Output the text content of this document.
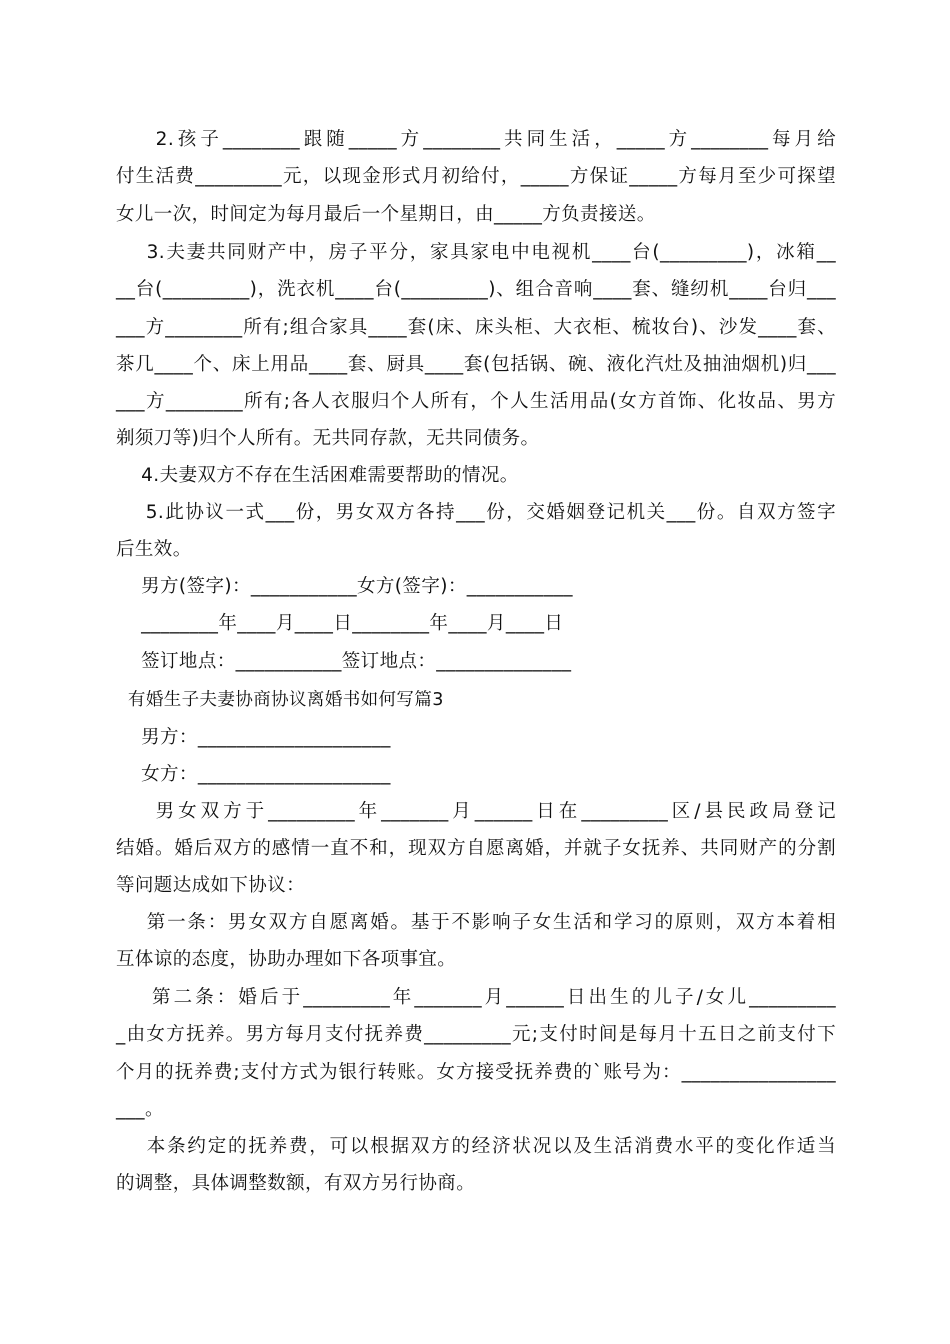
2.孩子________跟随_____方________共同生活，_____方________每月给
付生活费_________元，以现金形式月初给付，_____方保证_____方每月至少可探望
女儿一次，时间定为每月最后一个星期日，由_____方负责接送。
3.夫妻共同财产中，房子平分，家具家电中电视机____台(_________)，冰箱__
__台(_________)，洗衣机____台(_________)、组合音响____套、缝纫机____台归___
___方________所有;组合家具____套(床、床头柜、大衣柜、梳妆台)、沙发____套、
茶几____个、床上用品____套、厨具____套(包括锅、碗、液化汽灶及抽油烟机)归___
___方________所有;各人衣服归个人所有，个人生活用品(女方首饰、化妆品、男方
剃须刀等)归个人所有。无共同存款，无共同债务。
4.夫妻双方不存在生活困难需要帮助的情况。
5.此协议一式___份，男女双方各持___份，交婚姻登记机关___份。自双方签字
后生效。
男方(签字)：___________女方(签字)：___________
________年____月____日________年____月____日
签订地点：___________签订地点：______________
有婚生子夫妻协商协议离婚书如何写篇3
男方：____________________
女方：____________________
男女双方于_________年_______月______日在_________区/县民政局登记
结婚。婚后双方的感情一直不和，现双方自愿离婚，并就子女抚养、共同财产的分割
等问题达成如下协议：
第一条：男女双方自愿离婚。基于不影响子女生活和学习的原则，双方本着相
互体谅的态度，协助办理如下各项事宜。
第二条：婚后于_________年_______月______日出生的儿子/女儿_________
_由女方抚养。男方每月支付抚养费_________元;支付时间是每月十五日之前支付下
个月的抚养费;支付方式为银行转账。女方接受抚养费的`账号为：________________
___。
本条约定的抚养费，可以根据双方的经济状况以及生活消费水平的变化作适当
的调整，具体调整数额，有双方另行协商。
